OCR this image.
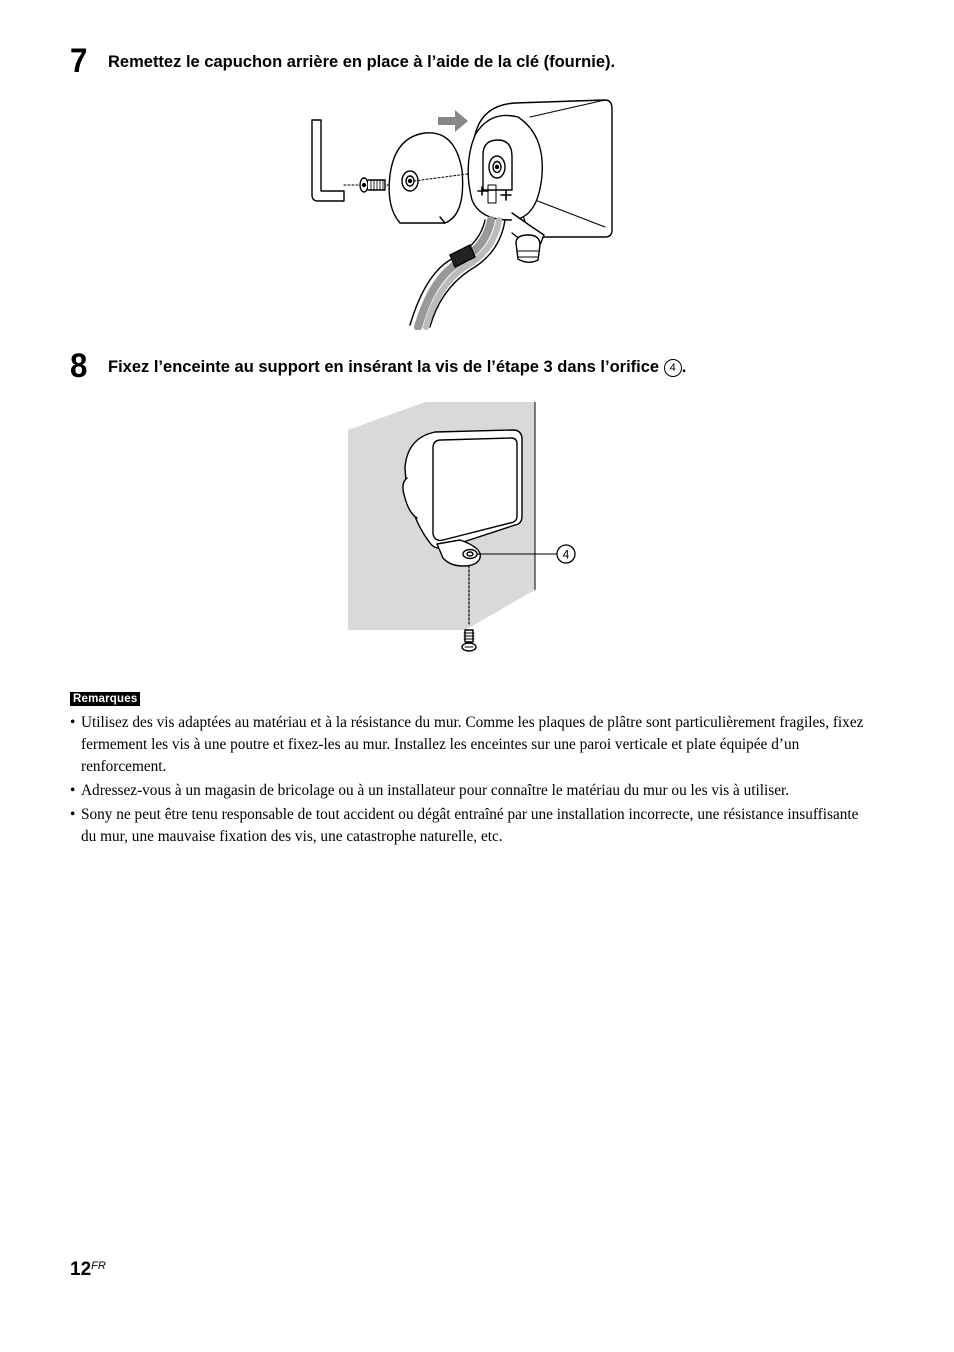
7	Remettez le capuchon arrière en place à l’aide de la clé (fournie).
8	Fixez l’enceinte au support en insérant la vis de l’étape 3 dans l’orifice 4 .
4
Remarques
• Utilisez des vis adaptées au matériau et à la résistance du mur. Comme les plaques de plâtre sont particulièrement fragiles, fixez fermement les vis à une poutre et fixez-les au mur. Installez les enceintes sur une paroi verticale et plate équipée d’un renforcement.
• Adressez-vous à un magasin de bricolage ou à un installateur pour connaître le matériau du mur ou les vis à utiliser.
• Sony ne peut être tenu responsable de tout accident ou dégât entraîné par une installation incorrecte, une résistance insuffisante du mur, une mauvaise fixation des vis, une catastrophe naturelle, etc.
$12^{FR}$
